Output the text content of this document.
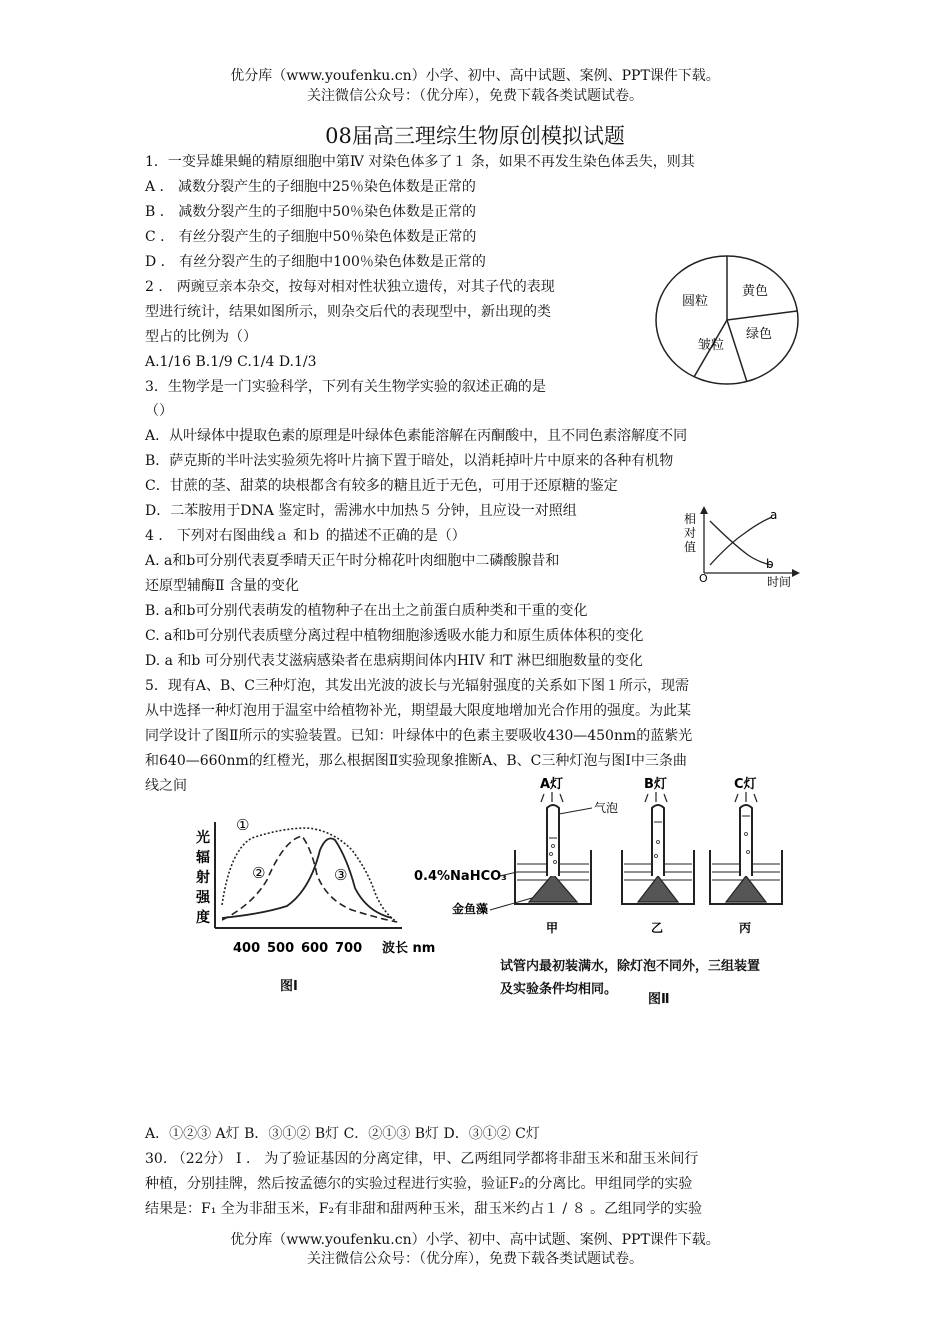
优分库（www.youfenku.cn）小学、初中、高中试题、案例、PPT课件下载。
关注微信公众号：（优分库），免费下载各类试题试卷。
08届高三理综生物原创模拟试题
1．一变异雄果蝇的精原细胞中第Ⅳ 对染色体多了１ 条，如果不再发生染色体丢失，则其
A ． 减数分裂产生的子细胞中25％染色体数是正常的
B ． 减数分裂产生的子细胞中50％染色体数是正常的
C ． 有丝分裂产生的子细胞中50％染色体数是正常的
D ． 有丝分裂产生的子细胞中100％染色体数是正常的
2 ． 两豌豆亲本杂交，按每对相对性状独立遗传，对其子代的表现
型进行统计，结果如图所示，则杂交后代的表现型中，新出现的类
型占的比例为（）
A.1/16 B.1/9 C.1/4 D.1/3
黄色
圆粒
绿色
皱粒
3．生物学是一门实验科学，下列有关生物学实验的叙述正确的是
（）
A．从叶绿体中提取色素的原理是叶绿体色素能溶解在丙酮酸中，且不同色素溶解度不同
B．萨克斯的半叶法实验须先将叶片摘下置于暗处，以消耗掉叶片中原来的各种有机物
C．甘蔗的茎、甜菜的块根都含有较多的糖且近于无色，可用于还原糖的鉴定
D．二苯胺用于DNA 鉴定时，需沸水中加热５ 分钟，且应设一对照组
4 ． 下列对右图曲线ａ 和ｂ 的描述不正确的是（）
A. a和b可分别代表夏季晴天正午时分棉花叶肉细胞中二磷酸腺昔和
还原型辅酶Ⅱ 含量的变化
B. a和b可分别代表萌发的植物种子在出土之前蛋白质种类和干重的变化
C. a和b可分别代表质壁分离过程中植物细胞渗透吸水能力和原生质体体积的变化
D. a 和b 可分别代表艾滋病感染者在患病期间体内HIV 和T 淋巴细胞数量的变化
相
对
值
O
a
b
时间
5．现有A、B、C三种灯泡，其发出光波的波长与光辐射强度的关系如下图１所示，现需
从中选择一种灯泡用于温室中给植物补光，期望最大限度地增加光合作用的强度。为此某
同学设计了图Ⅱ所示的实验装置。已知：叶绿体中的色素主要吸收430—450nm的蓝紫光
和640—660nm的红橙光，那么根据图Ⅱ实验现象推断A、B、C三种灯泡与图Ⅰ中三条曲
线之间
光
辐
射
强
度
①
②	③
400 500 600 700 波长 nm
图Ⅰ
A灯	B灯	C灯
气泡
0.4%NaHCO₃
金鱼藻
甲	乙	丙
试管内最初装满水，除灯泡不同外，三组装置
及实验条件均相同。
图Ⅱ
A．①②③ A灯 B．③①② B灯 C．②①③ B灯 D．③①② C灯
30. （22分） Ⅰ ． 为了验证基因的分离定律，甲、乙两组同学都将非甜玉米和甜玉米间行
种植，分别挂牌，然后按孟德尔的实验过程进行实验，验证F₂的分离比。甲组同学的实验
结果是：F₁ 全为非甜玉米，F₂有非甜和甜两种玉米，甜玉米约占１ / ８ 。乙组同学的实验
优分库（www.youfenku.cn）小学、初中、高中试题、案例、PPT课件下载。
关注微信公众号：（优分库），免费下载各类试题试卷。
